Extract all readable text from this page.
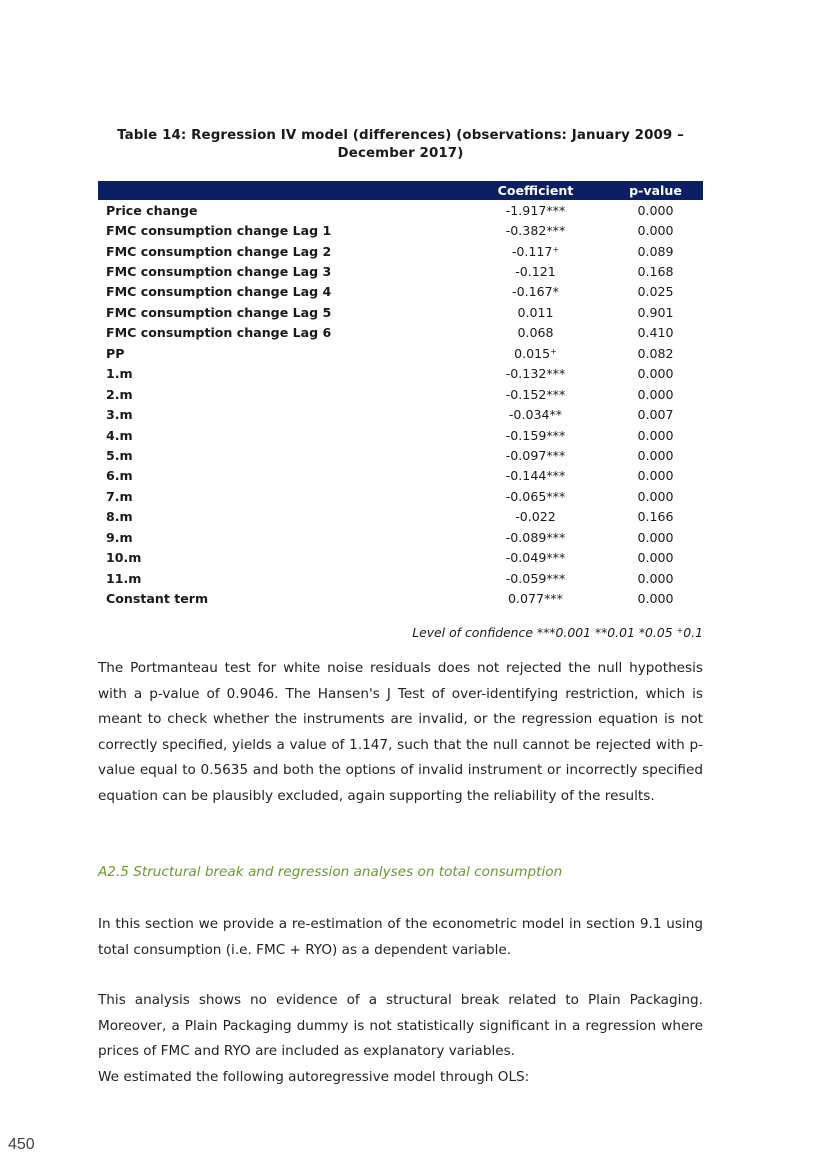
Table 14: Regression IV model (differences) (observations: January 2009 –
December 2017)
	Coefficient	p-value
Price change	-1.917***	0.000
FMC consumption change Lag 1	-0.382***	0.000
FMC consumption change Lag 2	-0.117+	0.089
FMC consumption change Lag 3	-0.121	0.168
FMC consumption change Lag 4	-0.167*	0.025
FMC consumption change Lag 5	0.011	0.901
FMC consumption change Lag 6	0.068	0.410
PP	0.015+	0.082
1.m	-0.132***	0.000
2.m	-0.152***	0.000
3.m	-0.034**	0.007
4.m	-0.159***	0.000
5.m	-0.097***	0.000
6.m	-0.144***	0.000
7.m	-0.065***	0.000
8.m	-0.022	0.166
9.m	-0.089***	0.000
10.m	-0.049***	0.000
11.m	-0.059***	0.000
Constant term	0.077***	0.000
Level of confidence ***0.001 **0.01 *0.05 +0.1
The Portmanteau test for white noise residuals does not rejected the null hypothesis with a p-value of 0.9046. The Hansen's J Test of over-identifying restriction, which is meant to check whether the instruments are invalid, or the regression equation is not correctly specified, yields a value of 1.147, such that the null cannot be rejected with p-value equal to 0.5635 and both the options of invalid instrument or incorrectly specified equation can be plausibly excluded, again supporting the reliability of the results.
A2.5 Structural break and regression analyses on total consumption
In this section we provide a re-estimation of the econometric model in section 9.1 using total consumption (i.e. FMC + RYO) as a dependent variable.
This analysis shows no evidence of a structural break related to Plain Packaging. Moreover, a Plain Packaging dummy is not statistically significant in a regression where prices of FMC and RYO are included as explanatory variables.
We estimated the following autoregressive model through OLS:
450
